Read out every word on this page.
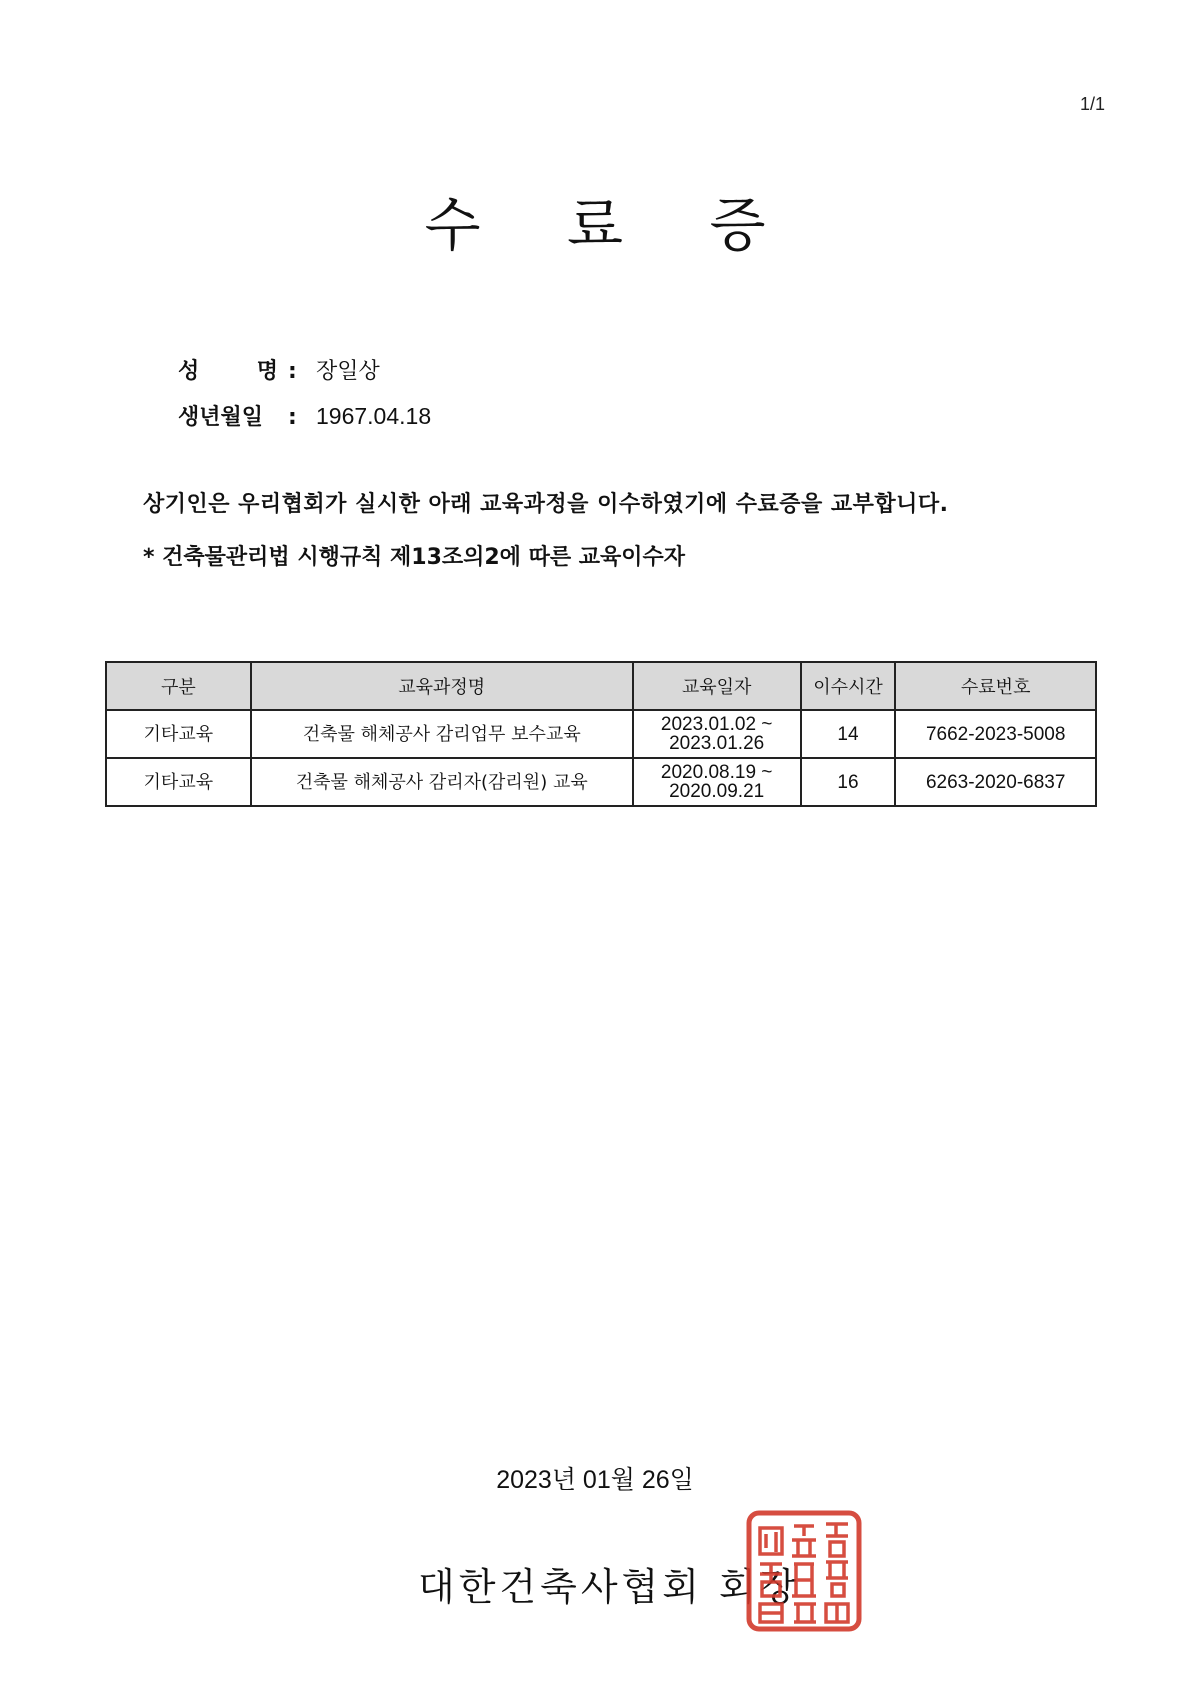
1/1
수 료 증
성	명 : 장일상
생년월일	: 1967.04.18
상기인은 우리협회가 실시한 아래 교육과정을 이수하였기에 수료증을 교부합니다.
* 건축물관리법 시행규칙 제13조의2에 따른 교육이수자
구분	교육과정명	교육일자	이수시간	수료번호
기타교육	건축물 해체공사 감리업무 보수교육	2023.01.02 ~
2023.01.26	14	7662-2023-5008
기타교육	건축물 해체공사 감리자(감리원) 교육	2020.08.19 ~
2020.09.21	16	6263-2020-6837
2023년 01월 26일
대한건축사협회 회장
